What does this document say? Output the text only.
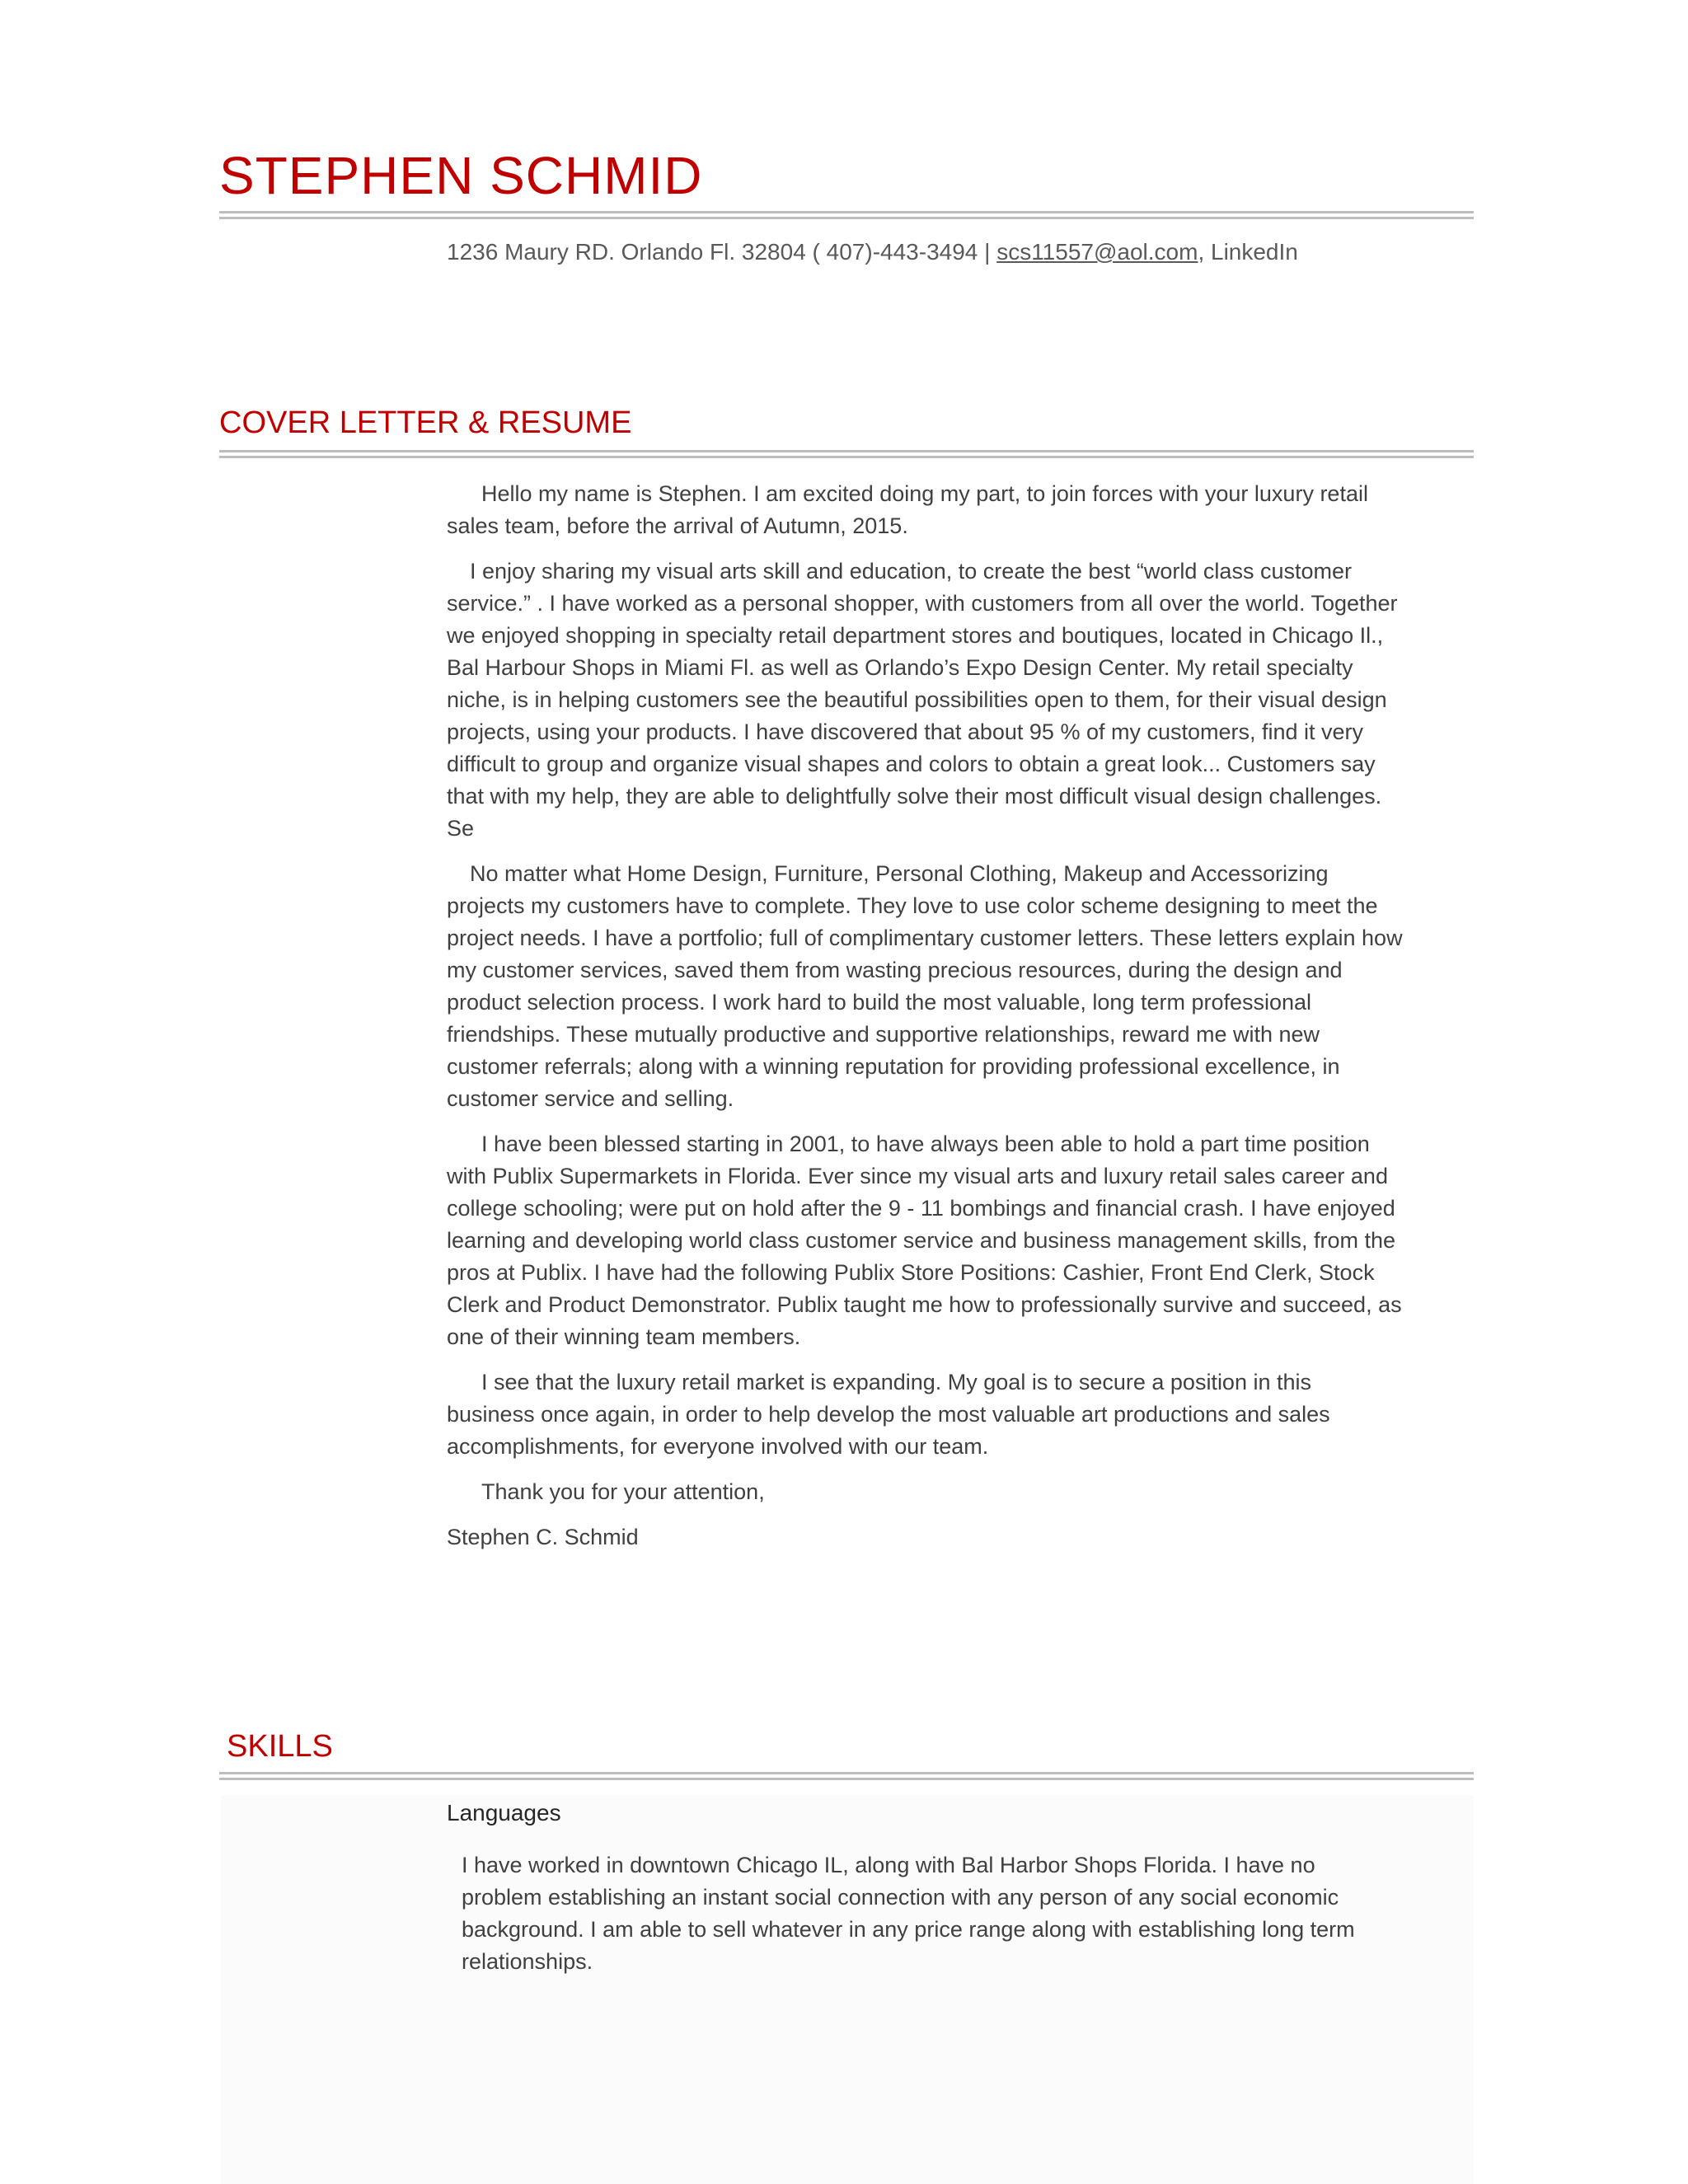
STEPHEN SCHMID
1236 Maury RD. Orlando Fl. 32804 ( 407)-443-3494 | scs11557@aol.com, LinkedIn
COVER LETTER & RESUME

Hello my name is Stephen. I am excited doing my part, to join forces with your luxury retail sales team, before the arrival of Autumn, 2015.

I enjoy sharing my visual arts skill and education, to create the best “world class customer service.” . I have worked as a personal shopper, with customers from all over the world. Together we enjoyed shopping in specialty retail department stores and boutiques, located in Chicago Il., Bal Harbour Shops in Miami Fl. as well as Orlando’s Expo Design Center. My retail specialty niche, is in helping customers see the beautiful possibilities open to them, for their visual design projects, using your products. I have discovered that about 95 % of my customers, find it very difficult to group and organize visual shapes and colors to obtain a great look... Customers say that with my help, they are able to delightfully solve their most difficult visual design challenges. Se

No matter what Home Design, Furniture, Personal Clothing, Makeup and Accessorizing projects my customers have to complete. They love to use color scheme designing to meet the project needs. I have a portfolio; full of complimentary customer letters. These letters explain how my customer services, saved them from wasting precious resources, during the design and product selection process. I work hard to build the most valuable, long term professional friendships. These mutually productive and supportive relationships, reward me with new customer referrals; along with a winning reputation for providing professional excellence, in customer service and selling.

I have been blessed starting in 2001, to have always been able to hold a part time position with Publix Supermarkets in Florida. Ever since my visual arts and luxury retail sales career and college schooling; were put on hold after the 9 - 11 bombings and financial crash. I have enjoyed learning and developing world class customer service and business management skills, from the pros at Publix. I have had the following Publix Store Positions: Cashier, Front End Clerk, Stock Clerk and Product Demonstrator. Publix taught me how to professionally survive and succeed, as one of their winning team members.

I see that the luxury retail market is expanding. My goal is to secure a position in this business once again, in order to help develop the most valuable art productions and sales accomplishments, for everyone involved with our team.

Thank you for your attention,

Stephen C. Schmid

SKILLS
Languages
I have worked in downtown Chicago IL, along with Bal Harbor Shops Florida. I have no problem establishing an instant social connection with any person of any social economic background. I am able to sell whatever in any price range along with establishing long term relationships.
